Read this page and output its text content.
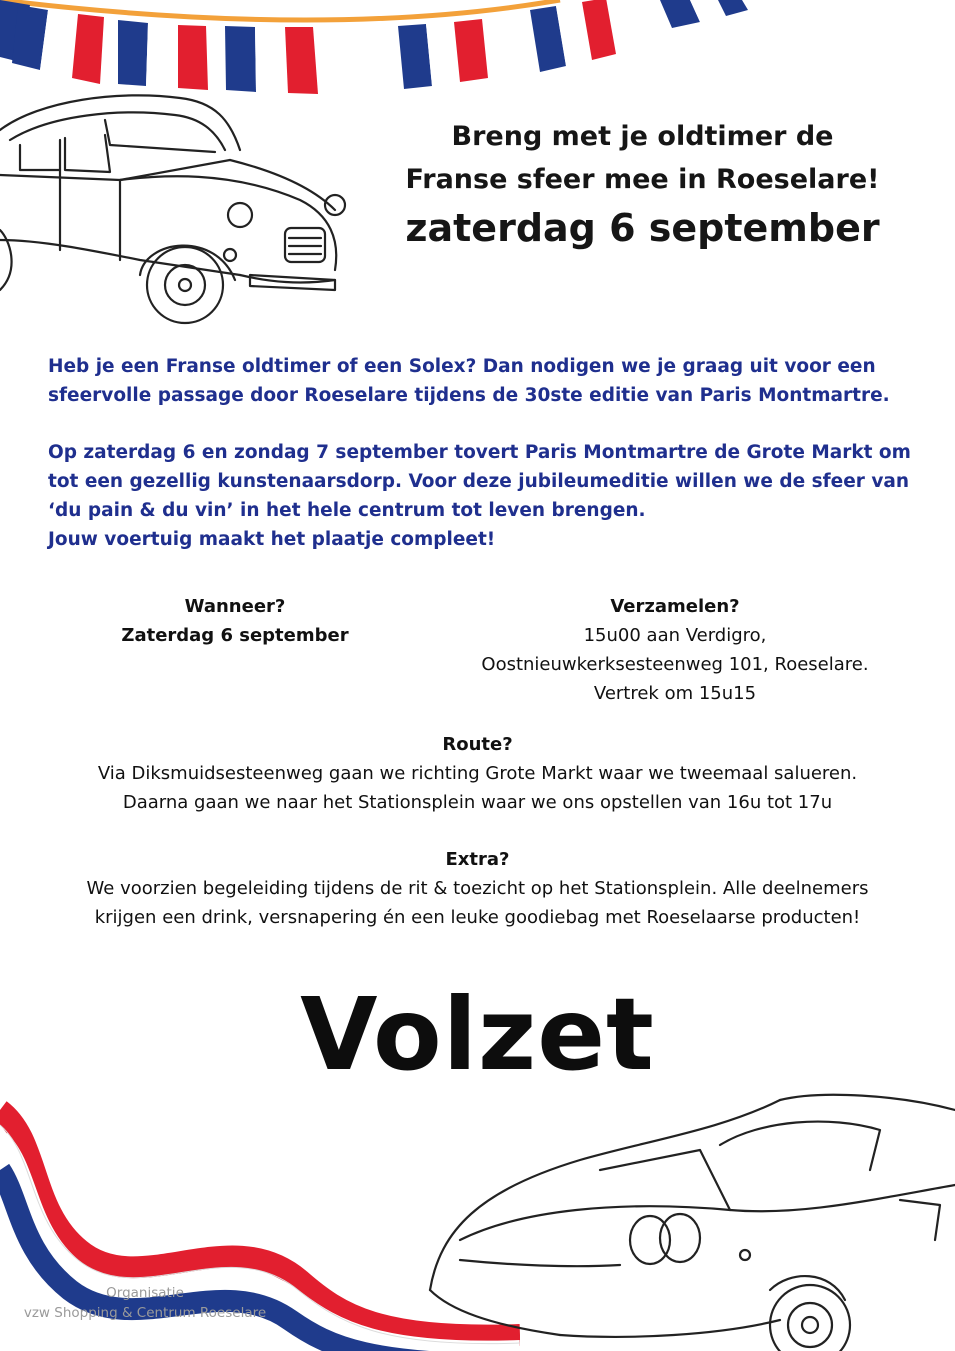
Breng met je oldtimer de
Franse sfeer mee in Roeselare!
zaterdag 6 september
Heb je een Franse oldtimer of een Solex? Dan nodigen we je graag uit voor een
sfeervolle passage door Roeselare tijdens de 30ste editie van Paris Montmartre.
Op zaterdag 6 en zondag 7 september tovert Paris Montmartre de Grote Markt om
tot een gezellig kunstenaarsdorp. Voor deze jubileumeditie willen we de sfeer van
‘du pain & du vin’ in het hele centrum tot leven brengen.
Jouw voertuig maakt het plaatje compleet!
Wanneer?
Zaterdag 6 september
Verzamelen?
15u00 aan Verdigro,
Oostnieuwkerksesteenweg 101, Roeselare.
Vertrek om 15u15
Route?
Via Diksmuidsesteenweg gaan we richting Grote Markt waar we tweemaal salueren.
Daarna gaan we naar het Stationsplein waar we ons opstellen van 16u tot 17u
Extra?
We voorzien begeleiding tijdens de rit & toezicht op het Stationsplein. Alle deelnemers
krijgen een drink, versnapering én een leuke goodiebag met Roeselaarse producten!
Volzet
Organisatie
vzw Shopping & Centrum Roeselare
